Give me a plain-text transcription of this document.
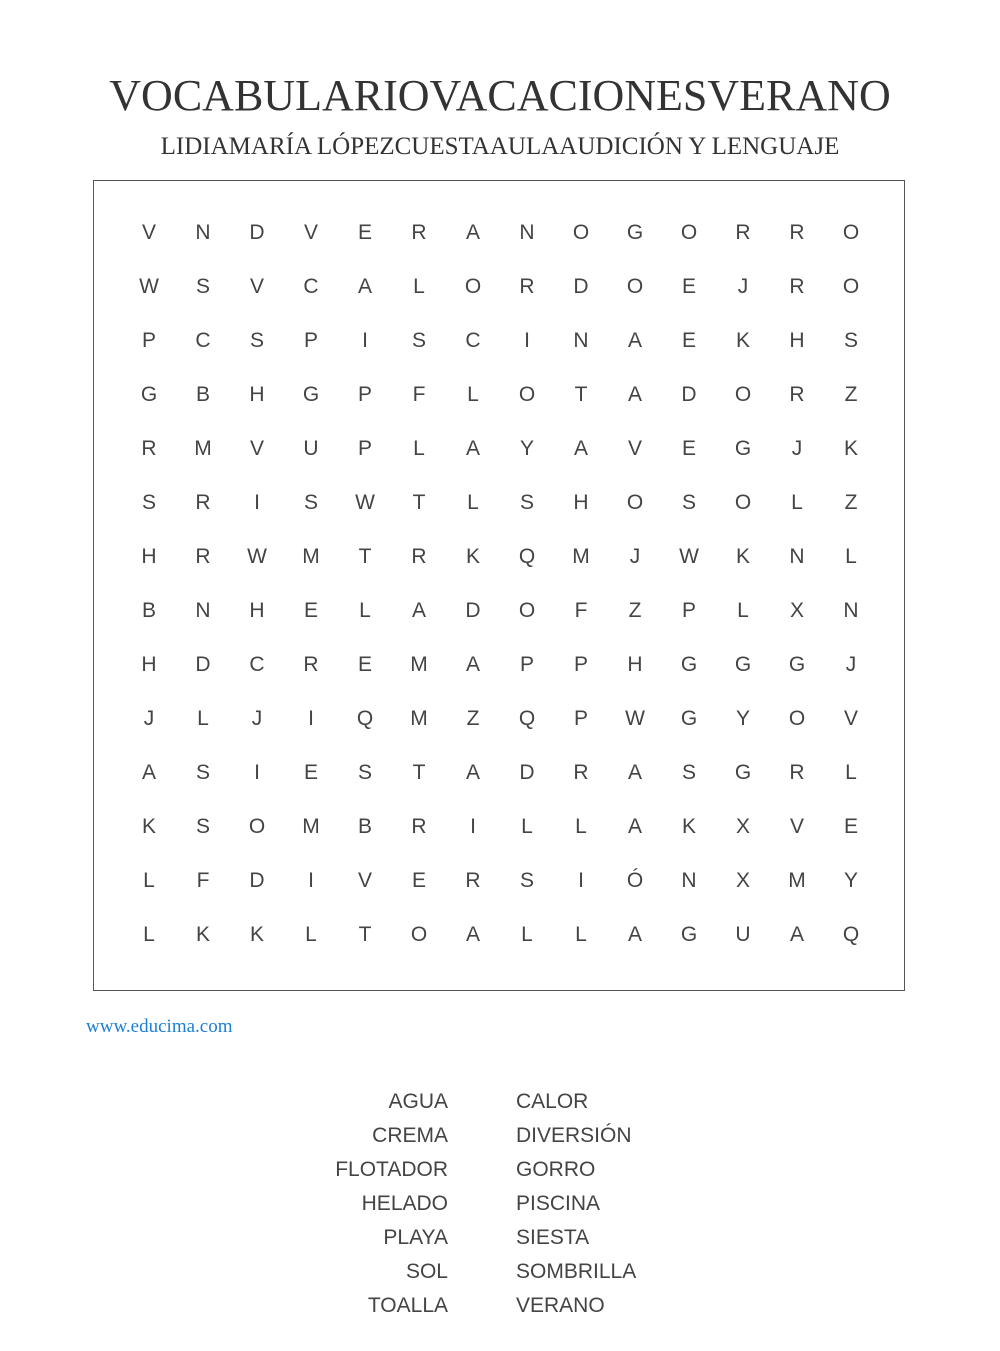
VOCABULARIOVACACIONESVERANO
LIDIAMARÍA LÓPEZCUESTAAULAAUDICIÓN Y LENGUAJE
V	N	D	V	E	R	A	N	O	G	O	R	R	O
W	S	V	C	A	L	O	R	D	O	E	J	R	O
P	C	S	P	I	S	C	I	N	A	E	K	H	S
G	B	H	G	P	F	L	O	T	A	D	O	R	Z
R	M	V	U	P	L	A	Y	A	V	E	G	J	K
S	R	I	S	W	T	L	S	H	O	S	O	L	Z
H	R	W	M	T	R	K	Q	M	J	W	K	N	L
B	N	H	E	L	A	D	O	F	Z	P	L	X	N
H	D	C	R	E	M	A	P	P	H	G	G	G	J
J	L	J	I	Q	M	Z	Q	P	W	G	Y	O	V
A	S	I	E	S	T	A	D	R	A	S	G	R	L
K	S	O	M	B	R	I	L	L	A	K	X	V	E
L	F	D	I	V	E	R	S	I	Ó	N	X	M	Y
L	K	K	L	T	O	A	L	L	A	G	U	A	Q
www.educima.com
AGUA
CREMA
FLOTADOR
HELADO
PLAYA
SOL
TOALLA
CALOR
DIVERSIÓN
GORRO
PISCINA
SIESTA
SOMBRILLA
VERANO
